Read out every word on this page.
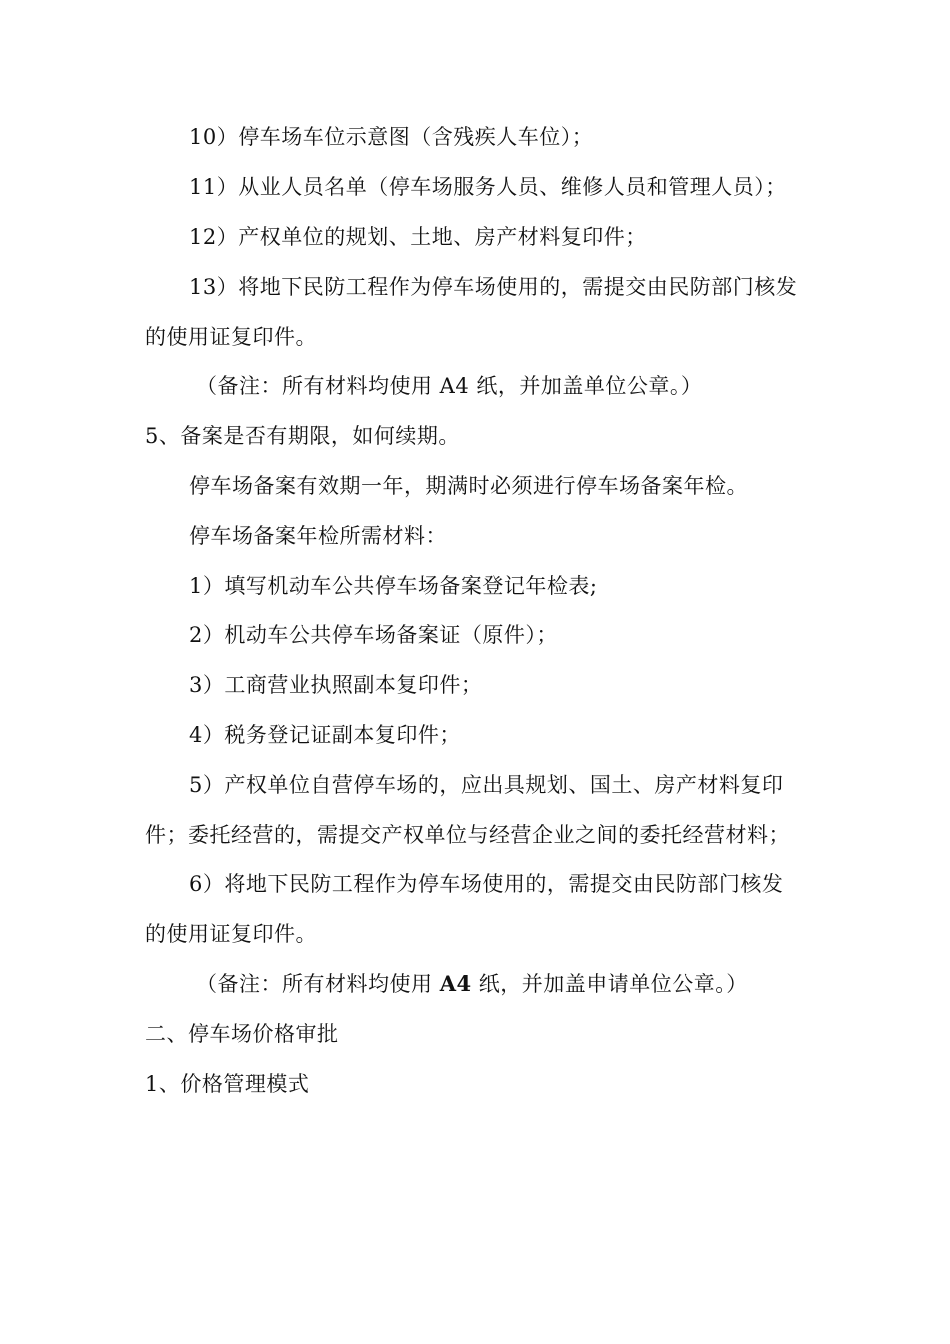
10）停车场车位示意图（含残疾人车位）；
11）从业人员名单（停车场服务人员、维修人员和管理人员）；
12）产权单位的规划、土地、房产材料复印件；
13）将地下民防工程作为停车场使用的，需提交由民防部门核发
的使用证复印件。
（备注：所有材料均使用 A4 纸，并加盖单位公章。）
5、备案是否有期限，如何续期。
停车场备案有效期一年，期满时必须进行停车场备案年检。
停车场备案年检所需材料：
1）填写机动车公共停车场备案登记年检表;
2）机动车公共停车场备案证（原件）；
3）工商营业执照副本复印件；
4）税务登记证副本复印件；
5）产权单位自营停车场的，应出具规划、国土、房产材料复印
件；委托经营的，需提交产权单位与经营企业之间的委托经营材料；
6）将地下民防工程作为停车场使用的，需提交由民防部门核发
的使用证复印件。
（备注：所有材料均使用 A4 纸，并加盖申请单位公章。）
二、停车场价格审批
1、价格管理模式
